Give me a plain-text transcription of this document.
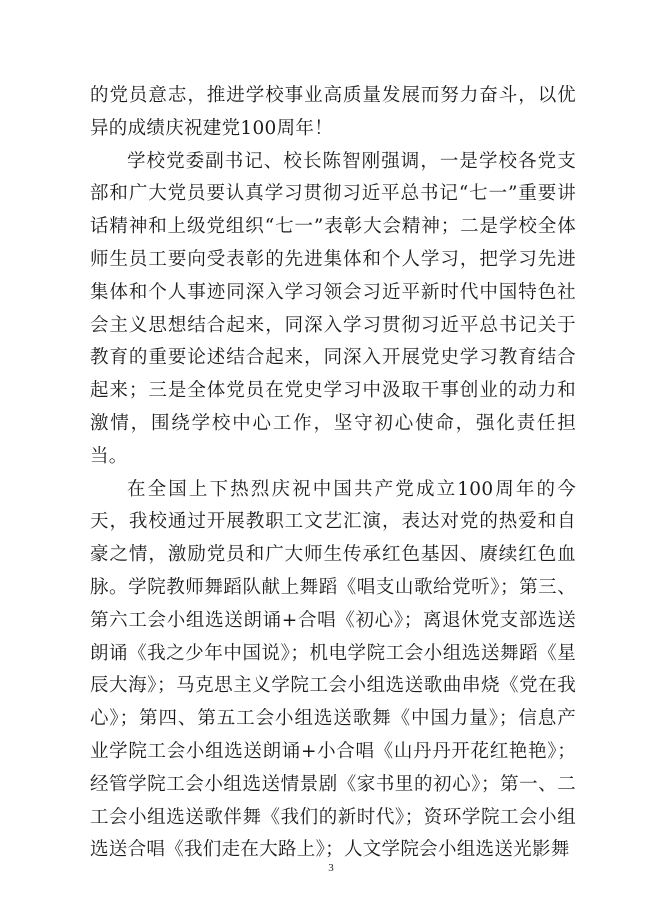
的党员意志，推进学校事业高质量发展而努力奋斗，以优异的成绩庆祝建党100周年！

学校党委副书记、校长陈智刚强调，一是学校各党支部和广大党员要认真学习贯彻习近平总书记“七一”重要讲话精神和上级党组织“七一”表彰大会精神；二是学校全体师生员工要向受表彰的先进集体和个人学习，把学习先进集体和个人事迹同深入学习领会习近平新时代中国特色社会主义思想结合起来，同深入学习贯彻习近平总书记关于教育的重要论述结合起来，同深入开展党史学习教育结合起来；三是全体党员在党史学习中汲取干事创业的动力和激情，围绕学校中心工作，坚守初心使命，强化责任担当。

在全国上下热烈庆祝中国共产党成立100周年的今天，我校通过开展教职工文艺汇演，表达对党的热爱和自豪之情，激励党员和广大师生传承红色基因、赓续红色血脉。学院教师舞蹈队献上舞蹈《唱支山歌给党听》；第三、第六工会小组选送朗诵+合唱《初心》；离退休党支部选送朗诵《我之少年中国说》；机电学院工会小组选送舞蹈《星辰大海》；马克思主义学院工会小组选送歌曲串烧《党在我心》；第四、第五工会小组选送歌舞《中国力量》；信息产业学院工会小组选送朗诵+小合唱《山丹丹开花红艳艳》；经管学院工会小组选送情景剧《家书里的初心》；第一、二工会小组选送歌伴舞《我们的新时代》；资环学院工会小组选送合唱《我们走在大路上》；人文学院会小组选送光影舞

3
